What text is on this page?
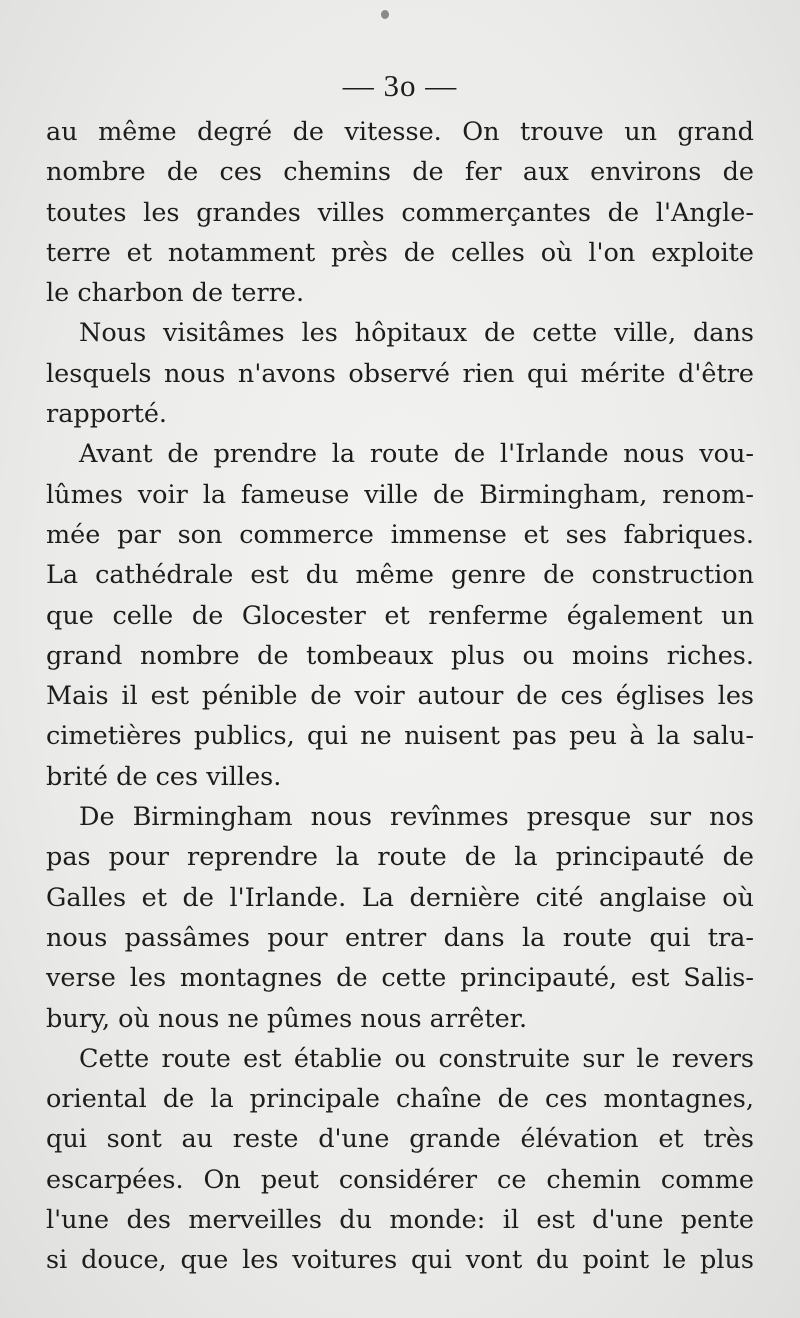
— 3o —
au même degré de vitesse. On trouve un grand
nombre de ces chemins de fer aux environs de
toutes les grandes villes commerçantes de l'Angle-
terre et notamment près de celles où l'on exploite
le charbon de terre.
Nous visitâmes les hôpitaux de cette ville, dans
lesquels nous n'avons observé rien qui mérite d'être
rapporté.
Avant de prendre la route de l'Irlande nous vou-
lûmes voir la fameuse ville de Birmingham, renom-
mée par son commerce immense et ses fabriques.
La cathédrale est du même genre de construction
que celle de Glocester et renferme également un
grand nombre de tombeaux plus ou moins riches.
Mais il est pénible de voir autour de ces églises les
cimetières publics, qui ne nuisent pas peu à la salu-
brité de ces villes.
De Birmingham nous revînmes presque sur nos
pas pour reprendre la route de la principauté de
Galles et de l'Irlande. La dernière cité anglaise où
nous passâmes pour entrer dans la route qui tra-
verse les montagnes de cette principauté, est Salis-
bury, où nous ne pûmes nous arrêter.
Cette route est établie ou construite sur le revers
oriental de la principale chaîne de ces montagnes,
qui sont au reste d'une grande élévation et très
escarpées. On peut considérer ce chemin comme
l'une des merveilles du monde: il est d'une pente
si douce, que les voitures qui vont du point le plus
